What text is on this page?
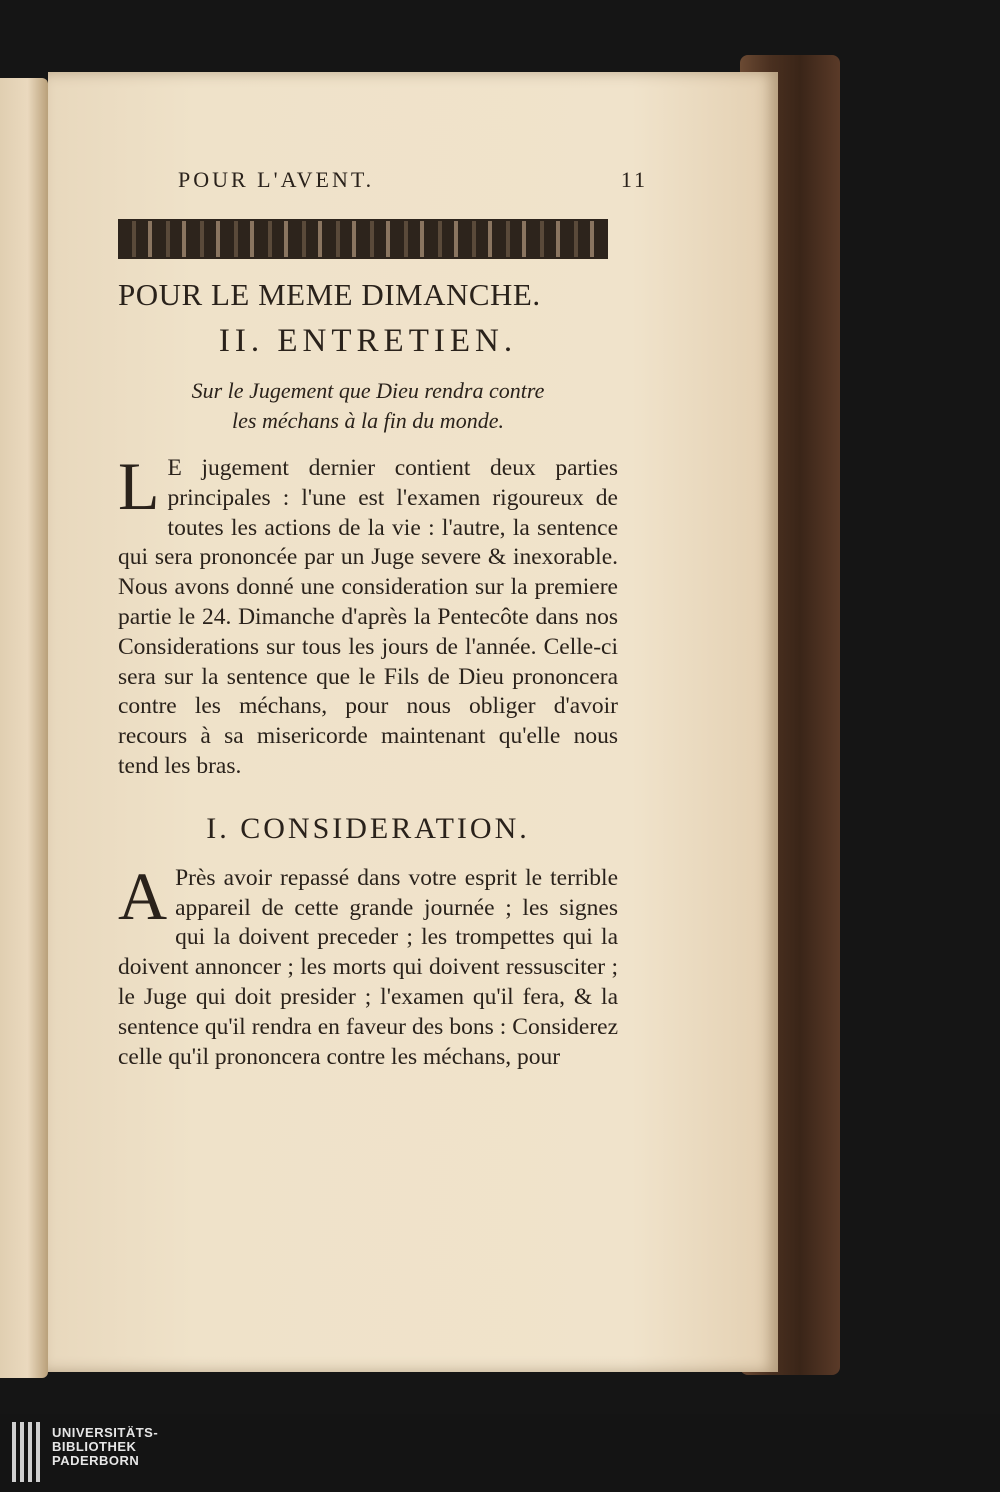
POUR L'AVENT.	11
POUR LE MEME DIMANCHE.
II. ENTRETIEN.
Sur le Jugement que Dieu rendra contre
les méchans à la fin du monde.
L E jugement dernier contient deux parties principales : l'une est l'examen rigoureux de toutes les actions de la vie : l'autre, la sentence qui sera prononcée par un Juge severe & inexorable. Nous avons donné une consideration sur la premiere partie le 24. Dimanche d'après la Pentecôte dans nos Considerations sur tous les jours de l'année. Celle-ci sera sur la sentence que le Fils de Dieu prononcera contre les méchans, pour nous obliger d'avoir recours à sa misericorde maintenant qu'elle nous tend les bras.
I. CONSIDERATION.
A Près avoir repassé dans votre esprit le terrible appareil de cette grande journée ; les signes qui la doivent preceder ; les trompettes qui la doivent annoncer ; les morts qui doivent ressusciter ; le Juge qui doit presider ; l'examen qu'il fera, & la sentence qu'il rendra en faveur des bons : Considerez celle qu'il prononcera contre les méchans, pour
UNIVERSITÄTS-
BIBLIOTHEK
PADERBORN
